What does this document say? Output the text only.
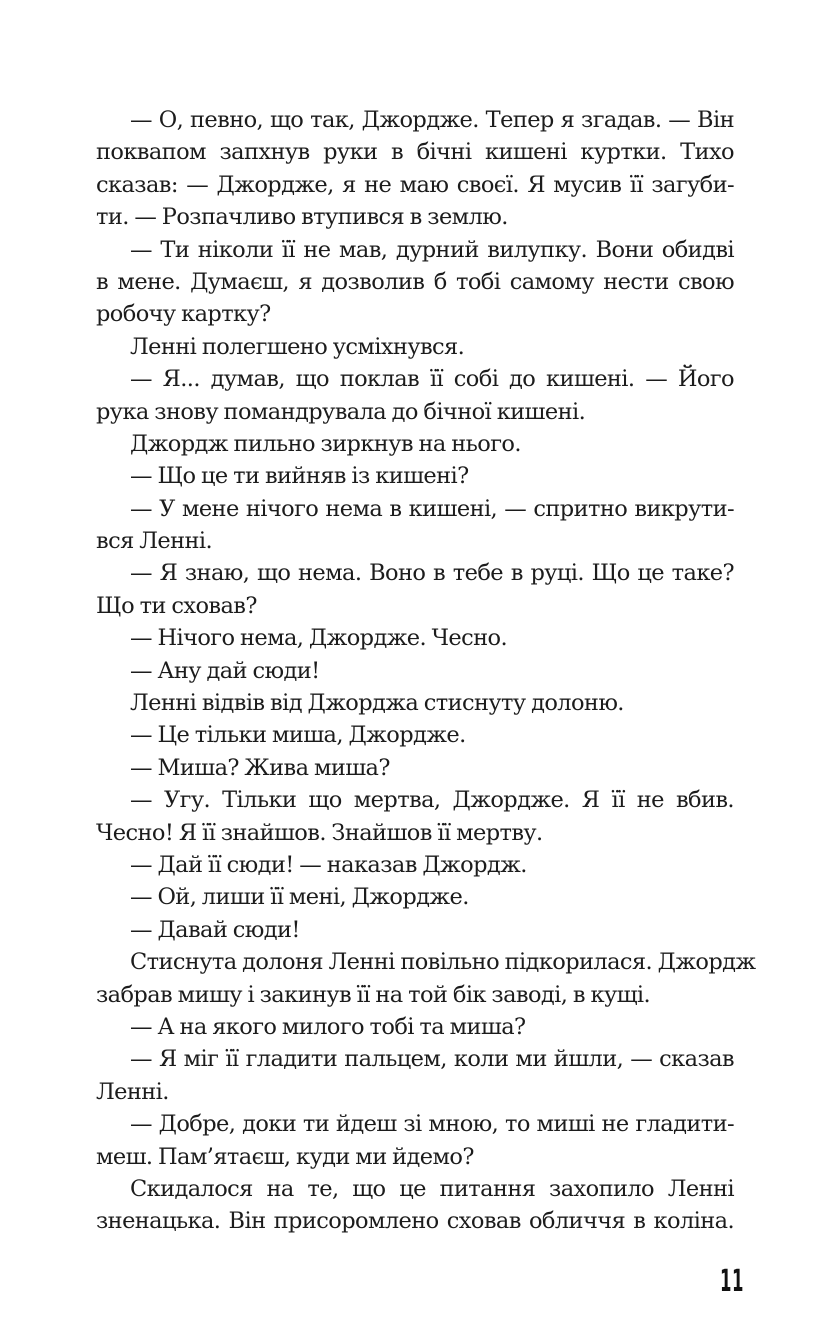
— О, певно, що так, Джордже. Тепер я згадав. — Він
поквапом запхнув руки в бічні кишені куртки. Тихо
сказав: — Джордже, я не маю своєї. Я мусив її загуби-
ти. — Розпачливо втупився в землю.
— Ти ніколи її не мав, дурний вилупку. Вони обидві
в мене. Думаєш, я дозволив б тобі самому нести свою
робочу картку?
Ленні полегшено усміхнувся.
— Я... думав, що поклав її собі до кишені. — Його
рука знову помандрувала до бічної кишені.
Джордж пильно зиркнув на нього.
— Що це ти вийняв із кишені?
— У мене нічого нема в кишені, — спритно викрути-
вся Ленні.
— Я знаю, що нема. Воно в тебе в руці. Що це таке?
Що ти сховав?
— Нічого нема, Джордже. Чесно.
— Ану дай сюди!
Ленні відвів від Джорджа стиснуту долоню.
— Це тільки миша, Джордже.
— Миша? Жива миша?
— Угу. Тільки що мертва, Джордже. Я її не вбив.
Чесно! Я її знайшов. Знайшов її мертву.
— Дай її сюди! — наказав Джордж.
— Ой, лиши її мені, Джордже.
— Давай сюди!
Стиснута долоня Ленні повільно підкорилася. Джордж
забрав мишу і закинув її на той бік заводі, в кущі.
— А на якого милого тобі та миша?
— Я міг її гладити пальцем, коли ми йшли, — сказав
Ленні.
— Добре, доки ти йдеш зі мною, то миші не гладити-
меш. Пам’ятаєш, куди ми йдемо?
Скидалося на те, що це питання захопило Ленні
зненацька. Він присоромлено сховав обличчя в коліна.
11
